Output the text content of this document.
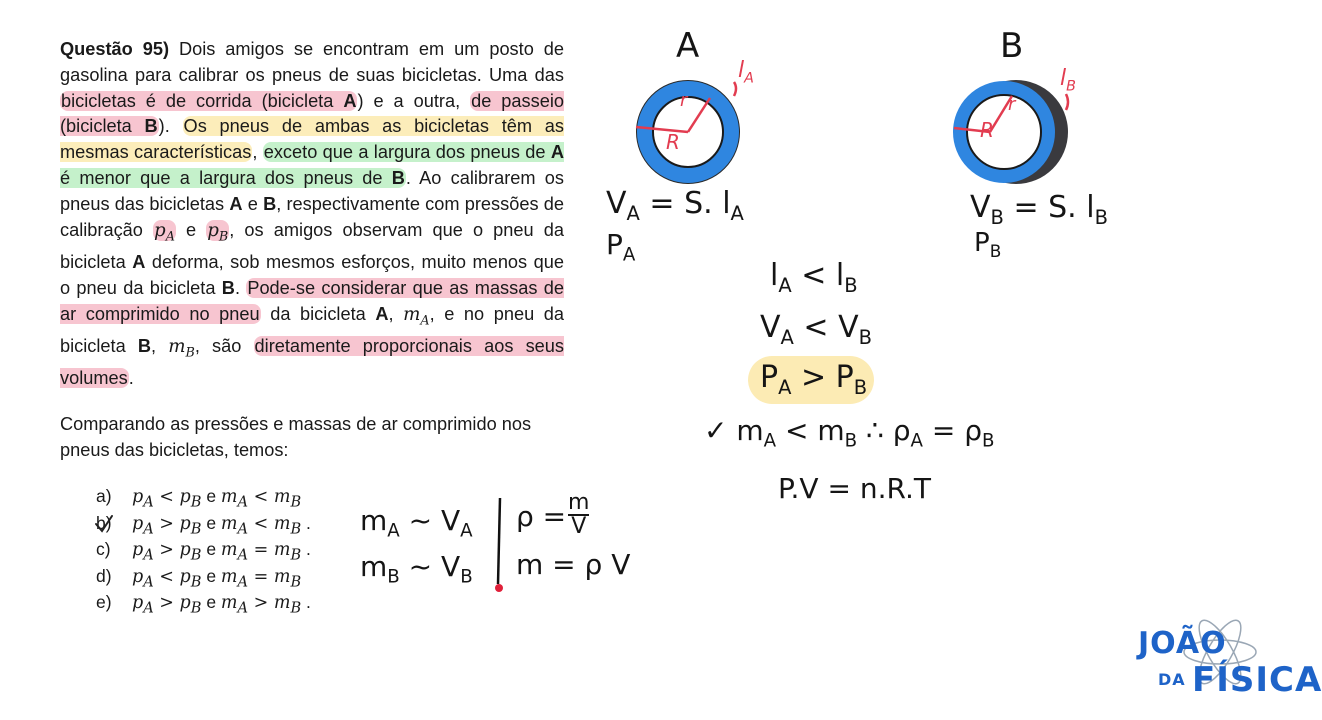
Questão 95) Dois amigos se encontram em um posto de gasolina para calibrar os pneus de suas bicicletas. Uma das bicicletas é de corrida (bicicleta A) e a outra, de passeio (bicicleta B). Os pneus de ambas as bicicletas têm as mesmas características, exceto que a largura dos pneus de A é menor que a largura dos pneus de B. Ao calibrarem os pneus das bicicletas A e B, respectivamente com pressões de calibração $p_A$ e $p_B$, os amigos observam que o pneu da bicicleta A deforma, sob mesmos esforços, muito menos que o pneu da bicicleta B. Pode-se considerar que as massas de ar comprimido no pneu da bicicleta A, $m_A$, e no pneu da bicicleta B, $m_B$, são diretamente proporcionais aos seus volumes.
Comparando as pressões e massas de ar comprimido nos pneus das bicicletas, temos:
a) $p_A < p_B$ e $m_A < m_B$
b) $p_A > p_B$ e $m_A < m_B$ .
c) $p_A > p_B$ e $m_A = m_B$ .
d) $p_A < p_B$ e $m_A = m_B$
e) $p_A > p_B$ e $m_A > m_B$ .
A	B
r
R
$l_A$
r
R
$l_B$
$V_A = S$. $l_A$
$P_A$
$V_B = S$. $l_B$
$P_B$
$l_A < l_B$
$V_A < V_B$
$P_A > P_B$
✓ $m_A < m_B$ ∴ $\rho_A = \rho_B$
P.V = n.R.T
$m_A$ ~ $V_A$
$m_B$ ~ $V_B$
ρ = m
V
m = ρ V
JOÃO
DA FÍSICA
